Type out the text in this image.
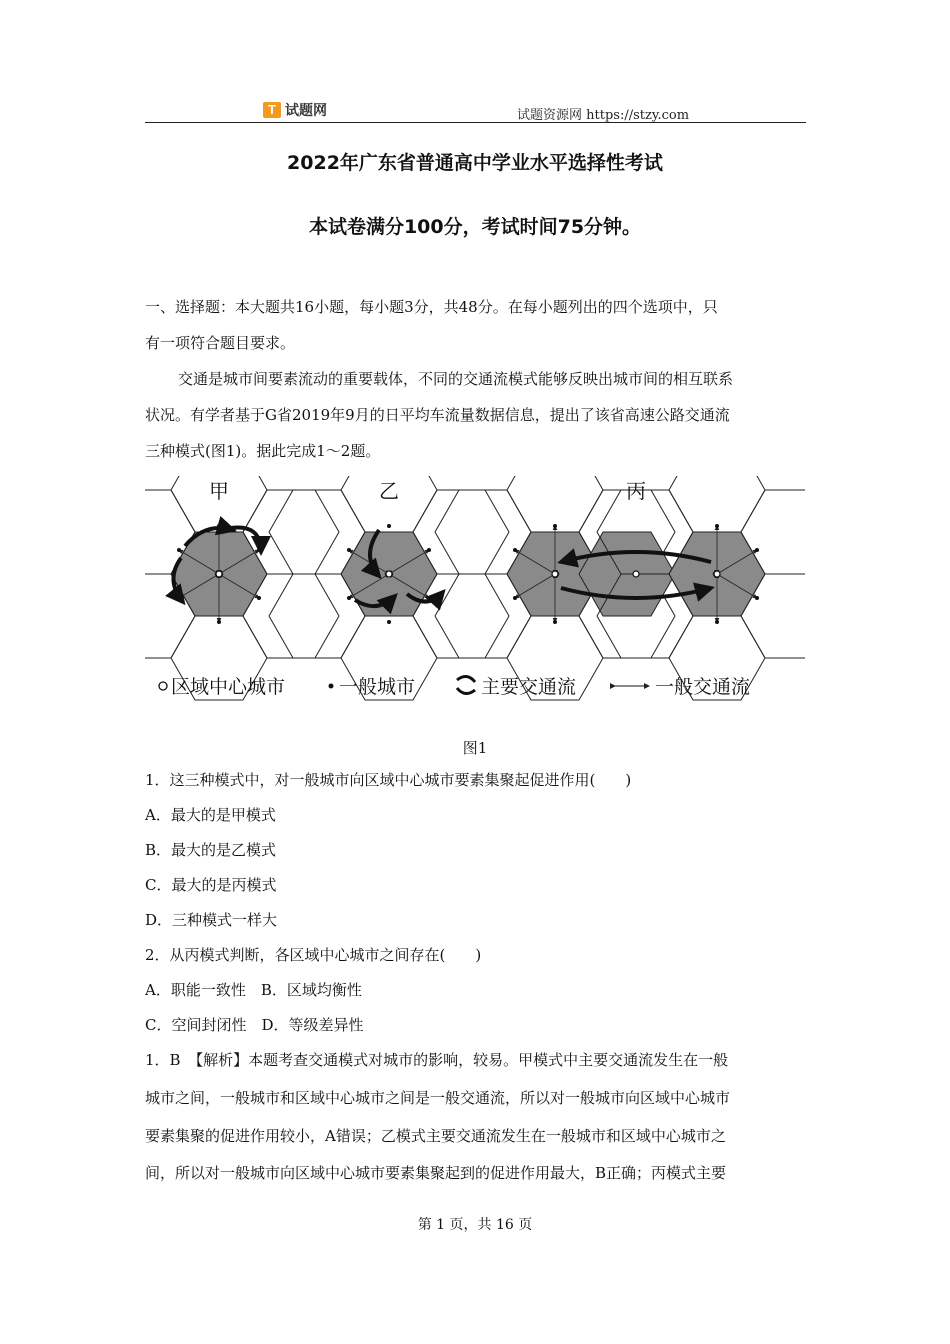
T 试题网	试题资源网 https://stzy.com
2022年广东省普通高中学业水平选择性考试
本试卷满分100分，考试时间75分钟。
一、选择题：本大题共16小题，每小题3分，共48分。在每小题列出的四个选项中，只
有一项符合题目要求。
交通是城市间要素流动的重要载体，不同的交通流模式能够反映出城市间的相互联系
状况。有学者基于G省2019年9月的日平均车流量数据信息，提出了该省高速公路交通流
三种模式(图1)。据此完成1～2题。
甲	乙	丙
区域中心城市	一般城市	主要交通流	一般交通流
图1
1．这三种模式中，对一般城市向区域中心城市要素集聚起促进作用(　　)
A．最大的是甲模式
B．最大的是乙模式
C．最大的是丙模式
D．三种模式一样大
2．从丙模式判断，各区域中心城市之间存在(　　)
A．职能一致性　B．区域均衡性
C．空间封闭性　D．等级差异性
1．B　【解析】本题考查交通模式对城市的影响，较易。甲模式中主要交通流发生在一般
城市之间，一般城市和区域中心城市之间是一般交通流，所以对一般城市向区域中心城市
要素集聚的促进作用较小，A错误；乙模式主要交通流发生在一般城市和区域中心城市之
间，所以对一般城市向区域中心城市要素集聚起到的促进作用最大，B正确；丙模式主要
第 1 页，共 16 页
